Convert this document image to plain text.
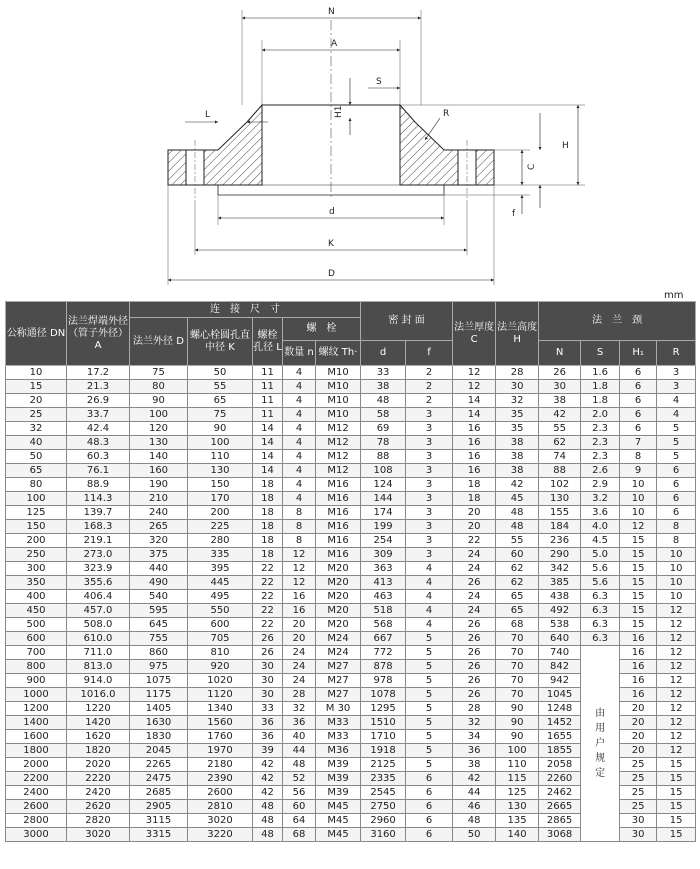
N
A
S
H1	R
L
H
C
f
d
K
D
mm
公称通径 DN	法兰焊端外径（管子外径）A	连　接　尺　寸					密 封 面		法兰厚度 C	法兰高度 H	法　兰　颈			
		法兰外径 D	螺心栓圆孔直中径 K	螺栓孔径 L	螺　栓									
					数量 n	螺纹 Th·	d	f			N	S	H₁	R
10	17.2	75	50	11	4	M10	33	2	12	28	26	1.6	6	3
15	21.3	80	55	11	4	M10	38	2	12	30	30	1.8	6	3
20	26.9	90	65	11	4	M10	48	2	14	32	38	1.8	6	4
25	33.7	100	75	11	4	M10	58	3	14	35	42	2.0	6	4
32	42.4	120	90	14	4	M12	69	3	16	35	55	2.3	6	5
40	48.3	130	100	14	4	M12	78	3	16	38	62	2.3	7	5
50	60.3	140	110	14	4	M12	88	3	16	38	74	2.3	8	5
65	76.1	160	130	14	4	M12	108	3	16	38	88	2.6	9	6
80	88.9	190	150	18	4	M16	124	3	18	42	102	2.9	10	6
100	114.3	210	170	18	4	M16	144	3	18	45	130	3.2	10	6
125	139.7	240	200	18	8	M16	174	3	20	48	155	3.6	10	6
150	168.3	265	225	18	8	M16	199	3	20	48	184	4.0	12	8
200	219.1	320	280	18	8	M16	254	3	22	55	236	4.5	15	8
250	273.0	375	335	18	12	M16	309	3	24	60	290	5.0	15	10
300	323.9	440	395	22	12	M20	363	4	24	62	342	5.6	15	10
350	355.6	490	445	22	12	M20	413	4	26	62	385	5.6	15	10
400	406.4	540	495	22	16	M20	463	4	24	65	438	6.3	15	10
450	457.0	595	550	22	16	M20	518	4	24	65	492	6.3	15	12
500	508.0	645	600	22	20	M20	568	4	26	68	538	6.3	15	12
600	610.0	755	705	26	20	M24	667	5	26	70	640	6.3	16	12
700	711.0	860	810	26	24	M24	772	5	26	70	740	由用户规定	16	12
800	813.0	975	920	30	24	M27	878	5	26	70	842		16	12
900	914.0	1075	1020	30	24	M27	978	5	26	70	942		16	12
1000	1016.0	1175	1120	30	28	M27	1078	5	26	70	1045		16	12
1200	1220	1405	1340	33	32	M 30	1295	5	28	90	1248		20	12
1400	1420	1630	1560	36	36	M33	1510	5	32	90	1452		20	12
1600	1620	1830	1760	36	40	M33	1710	5	34	90	1655		20	12
1800	1820	2045	1970	39	44	M36	1918	5	36	100	1855		20	12
2000	2020	2265	2180	42	48	M39	2125	5	38	110	2058		25	15
2200	2220	2475	2390	42	52	M39	2335	6	42	115	2260		25	15
2400	2420	2685	2600	42	56	M39	2545	6	44	125	2462		25	15
2600	2620	2905	2810	48	60	M45	2750	6	46	130	2665		25	15
2800	2820	3115	3020	48	64	M45	2960	6	48	135	2865		30	15
3000	3020	3315	3220	48	68	M45	3160	6	50	140	3068		30	15
